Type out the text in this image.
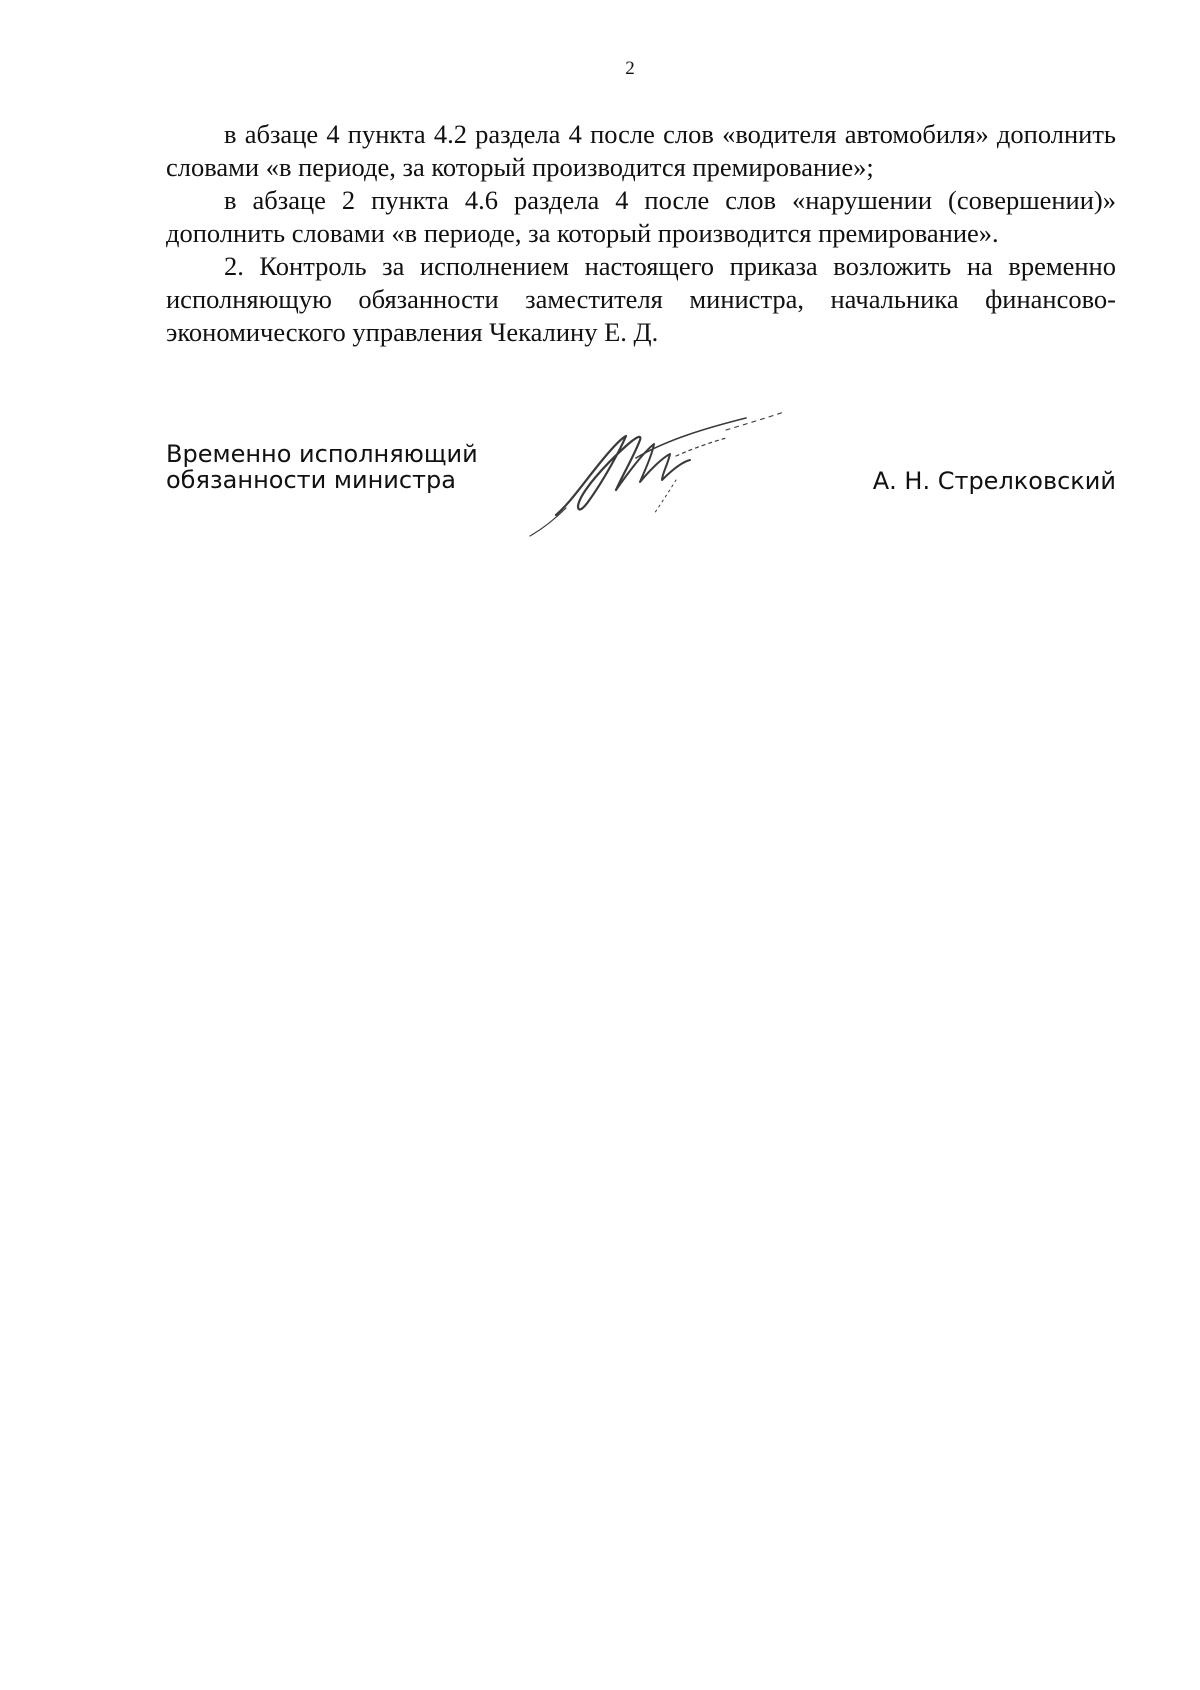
2

в абзаце 4 пункта 4.2 раздела 4 после слов «водителя автомобиля» дополнить словами «в периоде, за который производится премирование»;

в абзаце 2 пункта 4.6 раздела 4 после слов «нарушении (совершении)» дополнить словами «в периоде, за который производится премирование».

2. Контроль за исполнением настоящего приказа возложить на временно исполняющую обязанности заместителя министра, начальника финансово-экономического управления Чекалину Е. Д.

Временно исполняющий
обязанности министра	А. Н. Стрелковский
